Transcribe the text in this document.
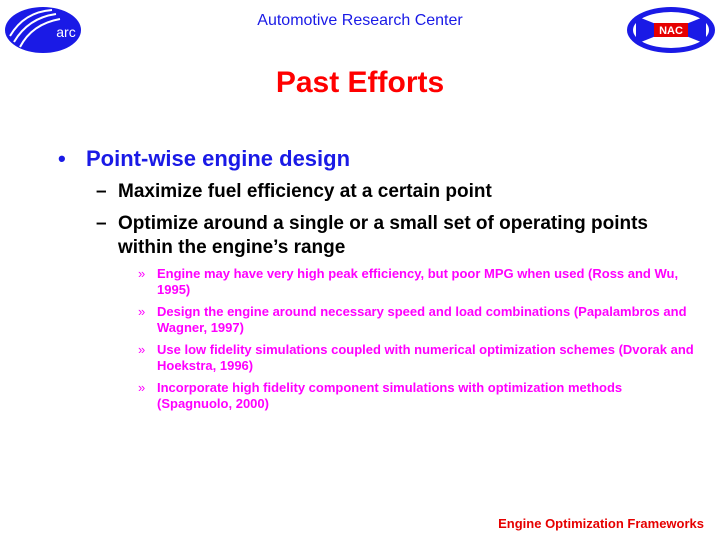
arc
Automotive Research Center
NAC
Past Efforts
• Point-wise engine design
– Maximize fuel efficiency at a certain point
– Optimize around a single or a small set of operating points within the engine’s range
» Engine may have very high peak efficiency, but poor MPG when used (Ross and Wu, 1995)
» Design the engine around necessary speed and load combinations (Papalambros and Wagner, 1997)
» Use low fidelity simulations coupled with numerical optimization schemes (Dvorak and Hoekstra, 1996)
» Incorporate high fidelity component simulations with optimization methods (Spagnuolo, 2000)
Engine Optimization Frameworks
